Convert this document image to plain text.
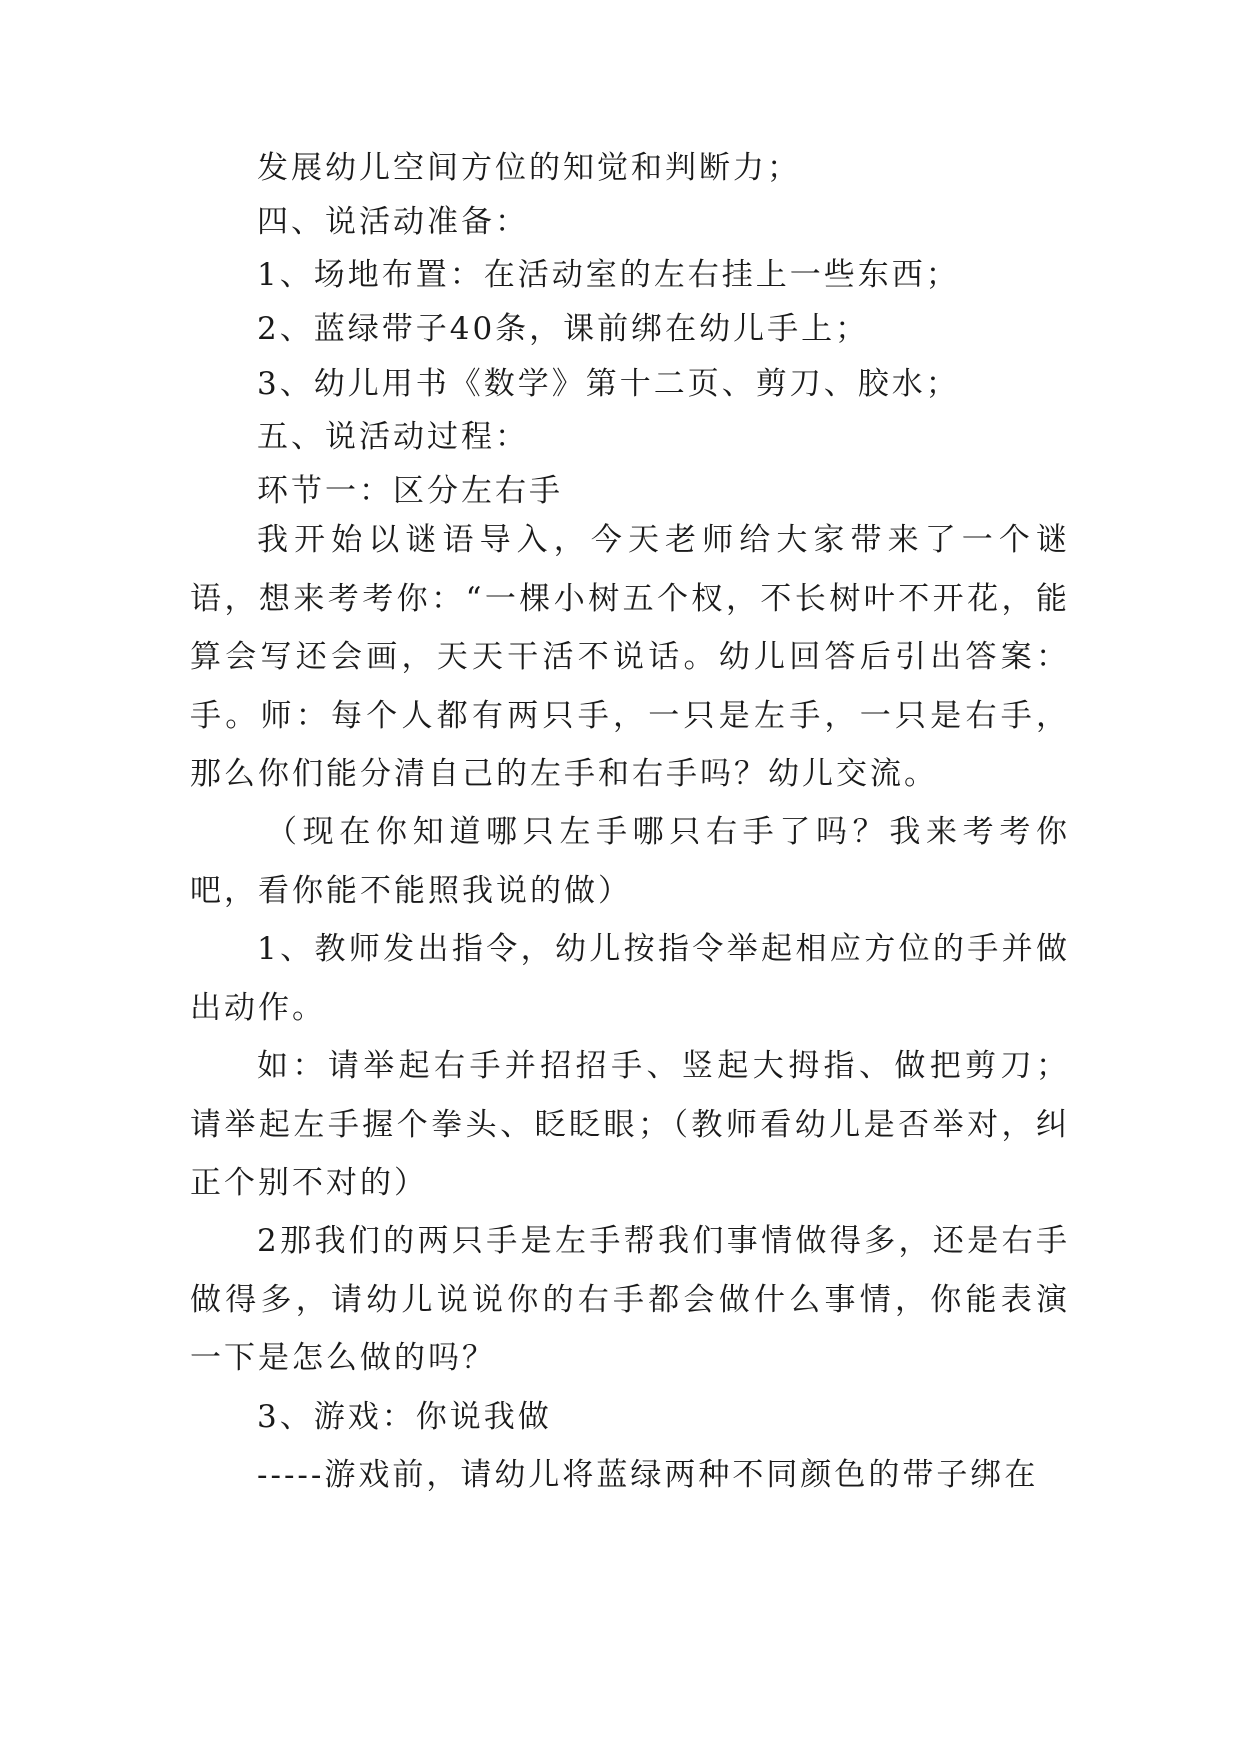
发展幼儿空间方位的知觉和判断力；

四、说活动准备：

1、场地布置：在活动室的左右挂上一些东西；

2、蓝绿带子40条，课前绑在幼儿手上；

3、幼儿用书《数学》第十二页、剪刀、胶水；

五、说活动过程：

环节一：区分左右手

我开始以谜语导入，今天老师给大家带来了一个谜语，想来考考你：“一棵小树五个杈，不长树叶不开花，能算会写还会画，天天干活不说话。幼儿回答后引出答案：手。师：每个人都有两只手，一只是左手，一只是右手，那么你们能分清自己的左手和右手吗？幼儿交流。

（现在你知道哪只左手哪只右手了吗？我来考考你吧，看你能不能照我说的做）

1、教师发出指令，幼儿按指令举起相应方位的手并做出动作。

如：请举起右手并招招手、竖起大拇指、做把剪刀；请举起左手握个拳头、眨眨眼；（教师看幼儿是否举对，纠正个别不对的）

2那我们的两只手是左手帮我们事情做得多，还是右手做得多，请幼儿说说你的右手都会做什么事情，你能表演一下是怎么做的吗？

3、游戏：你说我做

-----游戏前，请幼儿将蓝绿两种不同颜色的带子绑在
